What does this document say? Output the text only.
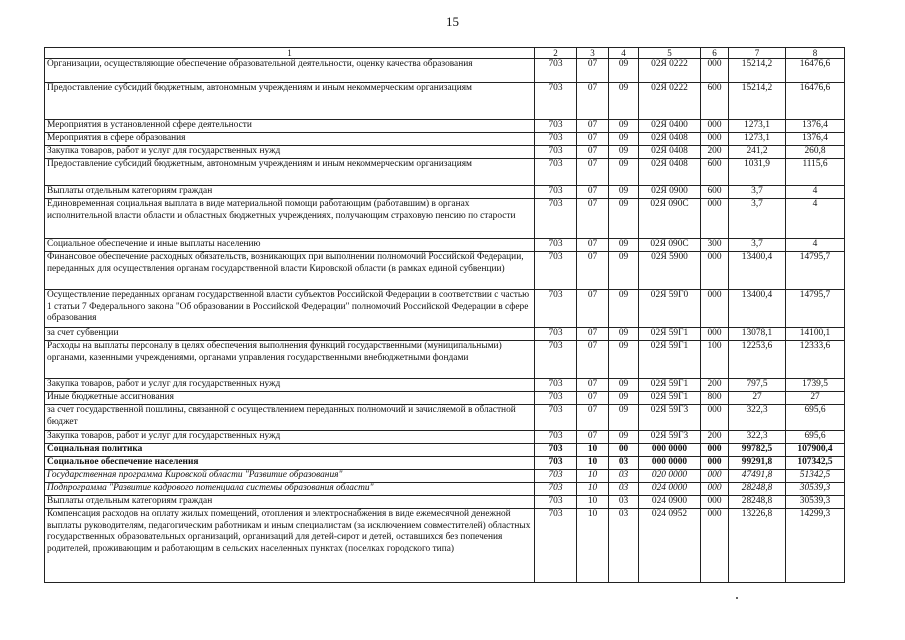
15
1	2	3	4	5	6	7	8
Организации, осуществляющие обеспечение образовательной деятельности, оценку качества образования	703	07	09	02Я 0222	000	15214,2	16476,6
Предоставление субсидий бюджетным, автономным учреждениям и иным некоммерческим организациям	703	07	09	02Я 0222	600	15214,2	16476,6
Мероприятия в установленной сфере деятельности	703	07	09	02Я 0400	000	1273,1	1376,4
Мероприятия в сфере образования	703	07	09	02Я 0408	000	1273,1	1376,4
Закупка товаров, работ и услуг для государственных нужд	703	07	09	02Я 0408	200	241,2	260,8
Предоставление субсидий бюджетным, автономным учреждениям и иным некоммерческим организациям	703	07	09	02Я 0408	600	1031,9	1115,6
Выплаты отдельным категориям граждан	703	07	09	02Я 0900	600	3,7	4
Единовременная социальная выплата в виде материальной помощи работающим (работавшим) в органах исполнительной власти области и областных бюджетных учреждениях, получающим страховую пенсию по старости	703	07	09	02Я 090С	000	3,7	4
Социальное обеспечение и иные выплаты населению	703	07	09	02Я 090С	300	3,7	4
Финансовое обеспечение расходных обязательств, возникающих при выполнении полномочий Российской Федерации, переданных для осуществления органам государственной власти Кировской области (в рамках единой субвенции)	703	07	09	02Я 5900	000	13400,4	14795,7
Осуществление переданных органам государственной власти субъектов Российской Федерации в соответствии с частью 1 статьи 7 Федерального закона "Об образовании в Российской Федерации" полномочий Российской Федерации в сфере образования	703	07	09	02Я 59Г0	000	13400,4	14795,7
за счет субвенции	703	07	09	02Я 59Г1	000	13078,1	14100,1
Расходы на выплаты персоналу в целях обеспечения выполнения функций государственными (муниципальными) органами, казенными учреждениями, органами управления государственными внебюджетными фондами	703	07	09	02Я 59Г1	100	12253,6	12333,6
Закупка товаров, работ и услуг для государственных нужд	703	07	09	02Я 59Г1	200	797,5	1739,5
Иные бюджетные ассигнования	703	07	09	02Я 59Г1	800	27	27
за счет государственной пошлины, связанной с осуществлением переданных полномочий и зачисляемой в областной бюджет	703	07	09	02Я 59Г3	000	322,3	695,6
Закупка товаров, работ и услуг для государственных нужд	703	07	09	02Я 59Г3	200	322,3	695,6
Социальная политика	703	10	00	000 0000	000	99782,5	107900,4
Социальное обеспечение населения	703	10	03	000 0000	000	99291,8	107342,5
Государственная программа Кировской области "Развитие образования"	703	10	03	020 0000	000	47491,8	51342,5
Подпрограмма "Развитие кадрового потенциала системы образования области"	703	10	03	024 0000	000	28248,8	30539,3
Выплаты отдельным категориям граждан	703	10	03	024 0900	000	28248,8	30539,3
Компенсация расходов на оплату жилых помещений, отопления и электроснабжения в виде ежемесячной денежной выплаты руководителям, педагогическим работникам и иным специалистам (за исключением совместителей) областных государственных образовательных организаций, организаций для детей-сирот и детей, оставшихся без попечения родителей, проживающим и работающим в сельских населенных пунктах (поселках городского типа)	703	10	03	024 0952	000	13226,8	14299,3
